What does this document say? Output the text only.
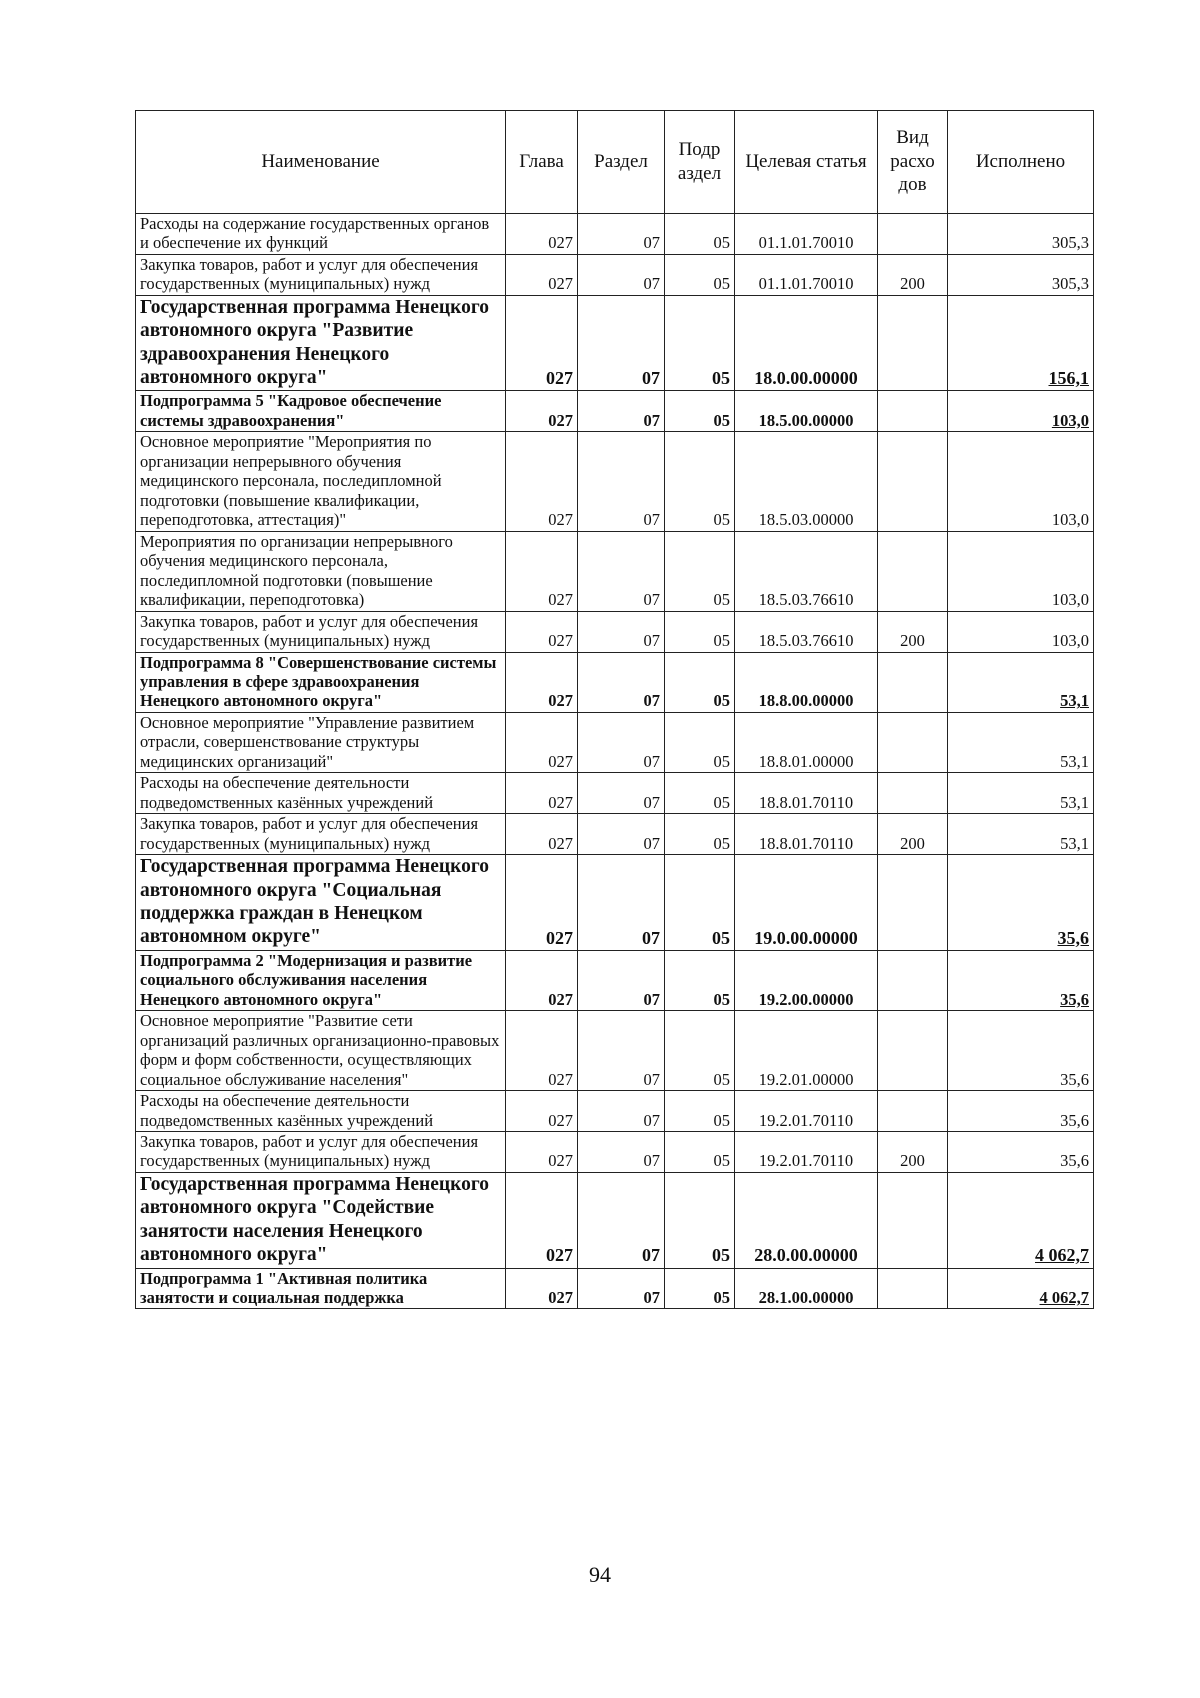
Наименование	Глава	Раздел	Подр аздел	Целевая статья	Вид расхо дов	Исполнено
Расходы на содержание государственных органов и обеспечение их функций	027	07	05	01.1.01.70010		305,3
Закупка товаров, работ и услуг для обеспечения государственных (муниципальных) нужд	027	07	05	01.1.01.70010	200	305,3
Государственная программа Ненецкого автономного округа "Развитие здравоохранения Ненецкого автономного округа"	027	07	05	18.0.00.00000		156,1
Подпрограмма 5 "Кадровое обеспечение системы здравоохранения"	027	07	05	18.5.00.00000		103,0
Основное мероприятие "Мероприятия по организации непрерывного обучения медицинского персонала, последипломной подготовки (повышение квалификации, переподготовка, аттестация)"	027	07	05	18.5.03.00000		103,0
Мероприятия по организации непрерывного обучения медицинского персонала, последипломной подготовки (повышение квалификации, переподготовка)	027	07	05	18.5.03.76610		103,0
Закупка товаров, работ и услуг для обеспечения государственных (муниципальных) нужд	027	07	05	18.5.03.76610	200	103,0
Подпрограмма 8 "Совершенствование системы управления в сфере здравоохранения Ненецкого автономного округа"	027	07	05	18.8.00.00000		53,1
Основное мероприятие "Управление развитием отрасли, совершенствование структуры медицинских организаций"	027	07	05	18.8.01.00000		53,1
Расходы на обеспечение деятельности подведомственных казённых учреждений	027	07	05	18.8.01.70110		53,1
Закупка товаров, работ и услуг для обеспечения государственных (муниципальных) нужд	027	07	05	18.8.01.70110	200	53,1
Государственная программа Ненецкого автономного округа "Социальная поддержка граждан в Ненецком автономном округе"	027	07	05	19.0.00.00000		35,6
Подпрограмма 2 "Модернизация и развитие социального обслуживания населения Ненецкого автономного округа"	027	07	05	19.2.00.00000		35,6
Основное мероприятие "Развитие сети организаций различных организационно-правовых форм и форм собственности, осуществляющих социальное обслуживание населения"	027	07	05	19.2.01.00000		35,6
Расходы на обеспечение деятельности подведомственных казённых учреждений	027	07	05	19.2.01.70110		35,6
Закупка товаров, работ и услуг для обеспечения государственных (муниципальных) нужд	027	07	05	19.2.01.70110	200	35,6
Государственная программа Ненецкого автономного округа "Содействие занятости населения Ненецкого автономного округа"	027	07	05	28.0.00.00000		4 062,7
Подпрограмма 1 "Активная политика занятости и социальная поддержка	027	07	05	28.1.00.00000		4 062,7
94
